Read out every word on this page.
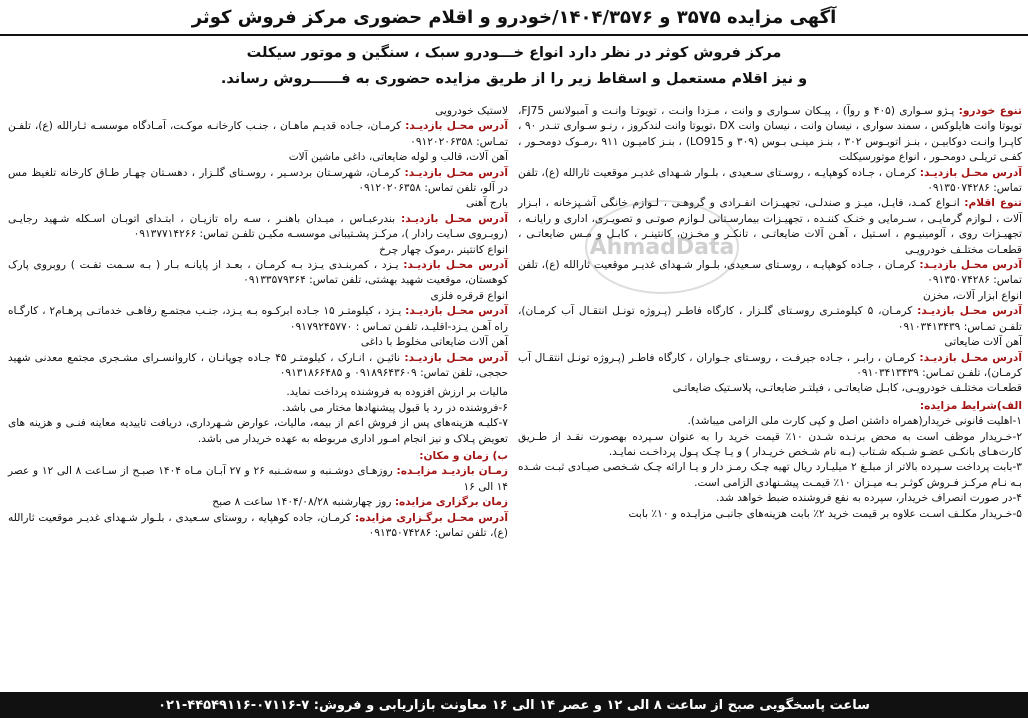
آگهی مزایده ۳۵۷۵ و ۱۴۰۴/۳۵۷۶/خودرو و اقلام حضوری مرکز فروش کوثر
مرکز فروش کوثر در نظر دارد انواع خـــودرو سبک ، سنگین و موتور سیکلت
و نیز اقلام مستعمل و اسقاط زیر را از طریق مزایده حضوری به فــــــروش رساند.

تنوع خودرو: پـژو سـواری (۴۰۵ و روآ) ، پیـکان سـواری و وانت ، مـزدا وانـت ، تویوتـا وانـت و آمبولانس FJ75، تویوتا وانت هایلوکس ، سمند سواری ، نیسان وانت ، نیسان وانت DX ،تویوتا وانت لندکروز ، رنـو سـواری تنـدر ۹۰ ، کاپـرا وانـت دوکابیـن ، بنـز اتوبـوس ۳۰۲ ، بنـز مینـی بـوس (۳۰۹ و LO915) ، بنـز کامیـون ۹۱۱ ،رمـوک دومحـور ، کفـی تریلـی دومحـور ، انواع موتورسیکلت

آدرس محـل بازدیـد: کرمـان ، جـاده کوهپایـه ، روسـتای سـعیدی ، بلـوار شـهدای غدیـر موقعیت ثارالله (ع)، تلفن تماس: ۰۹۱۳۵۰۷۴۲۸۶

تنوع اقلام: انـواع کمـد، فایـل، میـز و صندلـی، تجهیـزات انفـرادی و گروهـی ، لـوازم خانگی آشـپزخانه ، ابـزار آلات ، لـوازم گرمایـی ، سـرمایی و خنـک کننـده ، تجهیـزات بیمارسـتانی لـوازم صوتـی و تصویـری، اداری و رایانـه ، تجهیـزات روی ، آلومینیـوم ، اسـتیل ، آهـن آلات ضایعاتـی ، تانکـر و مخـزن، کانتینـر ، کابـل و مـس ضایعاتـی ، قطعـات مختلـف خودرویـی

آدرس محـل بازدیـد: کرمـان ، جـاده کوهپایـه ، روسـتای سـعیدی، بلـوار شـهدای غدیـر موقعیت ثارالله (ع)، تلفن تماس: ۰۹۱۳۵۰۷۴۲۸۶

انواع ابزار آلات، مخزن

آدرس محـل بازدیـد: کرمـان، ۵ کیلومتـری روسـتای گلـزار ، کارگاه فاطـر (پـروژه تونـل انتقـال آب کرمـان)، تلفـن تمـاس: ۰۹۱۰۳۴۱۳۴۳۹

آهن آلات ضایعاتی

آدرس محـل بازدیـد: کرمـان ، رابـر ، جـاده جیرفـت ، روسـتای جـواران ، کارگاه فاطـر (پـروژه تونـل انتقـال آب کرمـان)، تلفـن تمـاس: ۰۹۱۰۳۴۱۳۴۳۹

قطعـات مختلـف خودرویـی، کابـل ضایعاتـی ، فیلتـر ضایعاتـی، پلاسـتیک ضایعاتـی

الف)شرایط مزایده:

۱-اهلیت قانونی خریدار(همراه داشتن اصل و کپی کارت ملی الزامی میباشد).

۲-خـریدار موظف است به محض برنـده شـدن ۱۰٪ قیمت خرید را به عنوان سـپرده بهصورت نقـد از طـریق کارت‌هـای بانکـی عضـو شـبکه شـتاب (بـه نام شـخص خریـدار ) و یـا چـک پـول پرداخـت نمایـد.

۳-بابت پرداخت سـپرده بالاتر از مبلـغ ۲ میلیـارد ریال تهیه چـک رمـز دار و یـا ارائه چـک شـخصی صیـادی ثبـت شـده بـه نـام مرکـز فـروش کوثـر بـه میـزان ۱۰٪ قیمـت پیشـنهادی الزامی است.

۴-در صورت انصراف خریدار، سپرده به نفع فروشنده ضبط خواهد شد.

۵-خـریدار مکلـف اسـت علاوه بر قیمت خرید ۲٪ بابت هزینه‌های جانبـی مزایـده و ۱۰٪ بابت

لاستیک خودرویی

آدرس محـل بازدیـد: کرمـان، جـاده قدیـم ماهـان ، جنـب کارخانـه موکـت، آمـادگاه موسسـه ثـارالله (ع)، تلفـن تمـاس: ۰۹۱۲۰۲۰۶۳۵۸

آهن آلات، قالب و لوله ضایعاتی، داغی ماشین آلات

آدرس محـل بازدیـد: کرمـان، شهرسـتان بردسـیر ، روسـتای گلـزار ، دهسـتان چهـار طـاق کارخانه تلغیظ مس در آلو، تلفن تماس: ۰۹۱۲۰۲۰۶۳۵۸

بارج آهنی

آدرس محـل بازدیـد: بندرعبـاس ، میـدان باهنـر ، سـه راه تازیـان ، ابتـدای اتوبـان اسـکله شـهید رجایـی (روبـروی سـایت رادار )، مرکـز پشـتیبانی موسسـه مکیـن تلفـن تماس: ۰۹۱۳۷۷۱۴۲۶۶

انواع کانتینر ،رموک چهار چرخ

آدرس محـل بازدیـد: یـزد ، کمربنـدی یـزد بـه کرمـان ، بعـد از پایانـه بـار ( بـه سـمت تفـت ) روبروی پارک کوهستان، موقعیت شهید بهشتی، تلفن تماس: ۰۹۱۳۳۵۷۹۳۶۴

انواع قرقره فلزی

آدرس محـل بازدیـد: یـزد ، کیلومتـر ۱۵ جـاده ابرکـوه بـه یـزد، جنـب مجتمـع رفاهـی خدماتـی پرهـام۲ ، کارگـاه راه آهـن یـزد-اقلیـد، تلفـن تمـاس : ۰۹۱۷۹۲۴۵۷۷۰

آهن آلات ضایعاتی مخلوط با داغی

آدرس محـل بازدیـد: نائیـن ، انـارک ، کیلومتـر ۴۵ جـاده چوپانـان ، کاروانسـرای مشـجری مجتمع معدنی شهید حججی، تلفن تماس: ۰۹۱۸۹۶۴۳۶۰۹ و ۰۹۱۳۱۸۶۶۴۸۵

مالیات بر ارزش افزوده به فروشنده پرداخت نماید.

۶-فروشنده در رد یا قبول پیشنهادها مختار می باشد.

۷-کلیـه هزینه‌های پس از فروش اعم از بیمه، مالیات، عوارض شـهرداری، دریافت تاییدیه معاینه فنـی و هزینه های تعویض پـلاک و نیز انجام امـور اداری مربوطه به عهده خریدار می باشد.

ب) زمان و مکان:

زمـان بازدیـد مزایـده: روزهـای دوشـنبه و سه‌شـنبه ۲۶ و ۲۷ آبـان مـاه ۱۴۰۴ صبـح از سـاعت ۸ الی ۱۲ و عصر ۱۴ الی ۱۶

زمان برگزاری مزایده: روز چهارشنبه ۱۴۰۴/۰۸/۲۸ ساعت ۸ صبح

آدرس محـل برگـزاری مزایده: کرمـان، جاده کوهپایه ، روستای سـعیدی ، بلـوار شـهدای غدیـر موقعیت ثارالله (ع)، تلفن تماس: ۰۹۱۳۵۰۷۴۲۸۶

AhmadData
ساعت پاسخگویی صبح از ساعت ۸ الی ۱۲ و عصر ۱۴ الی ۱۶ معاونت بازاریابی و فروش: ۷-۰۷۱۱۶-۴۴۵۴۹۱۱۶-۰۲۱
